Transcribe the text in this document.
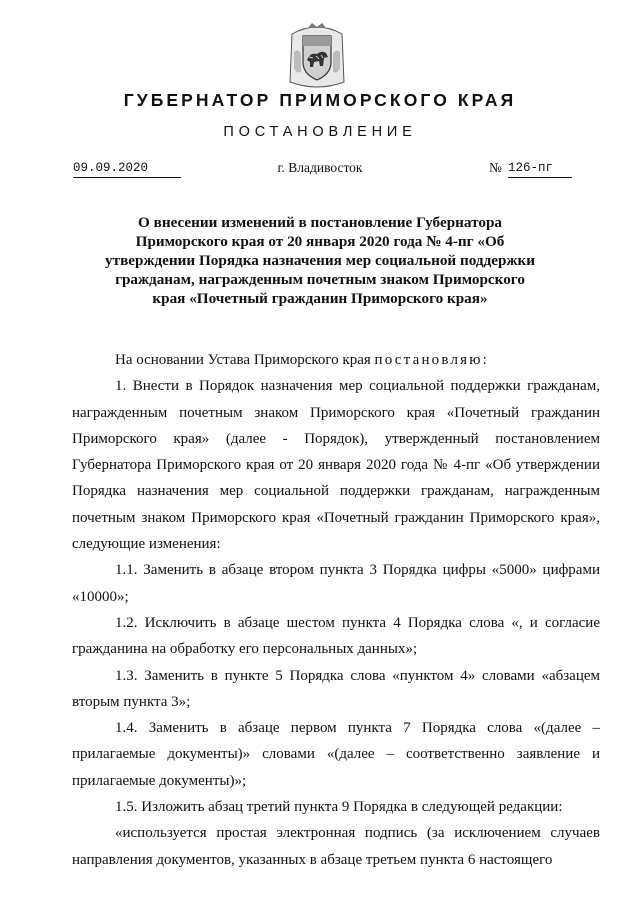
ГУБЕРНАТОР ПРИМОРСКОГО КРАЯ
ПОСТАНОВЛЕНИЕ
09.09.2020	г. Владивосток	№ 126-пг
О внесении изменений в постановление Губернатора Приморского края от 20 января 2020 года № 4-пг «Об утверждении Порядка назначения мер социальной поддержки гражданам, награжденным почетным знаком Приморского края «Почетный гражданин Приморского края»

На основании Устава Приморского края постановляю:

1. Внести в Порядок назначения мер социальной поддержки гражданам, награжденным почетным знаком Приморского края «Почетный гражданин Приморского края» (далее - Порядок), утвержденный постановлением Губернатора Приморского края от 20 января 2020 года № 4-пг «Об утверждении Порядка назначения мер социальной поддержки гражданам, награжденным почетным знаком Приморского края «Почетный гражданин Приморского края», следующие изменения:

1.1. Заменить в абзаце втором пункта 3 Порядка цифры «5000» цифрами «10000»;

1.2. Исключить в абзаце шестом пункта 4 Порядка слова «, и согласие гражданина на обработку его персональных данных»;

1.3. Заменить в пункте 5 Порядка слова «пунктом 4» словами «абзацем вторым пункта 3»;

1.4. Заменить в абзаце первом пункта 7 Порядка слова «(далее – прилагаемые документы)» словами «(далее – соответственно заявление и прилагаемые документы)»;

1.5. Изложить абзац третий пункта 9 Порядка в следующей редакции:

«используется простая электронная подпись (за исключением случаев направления документов, указанных в абзаце третьем пункта 6 настоящего
